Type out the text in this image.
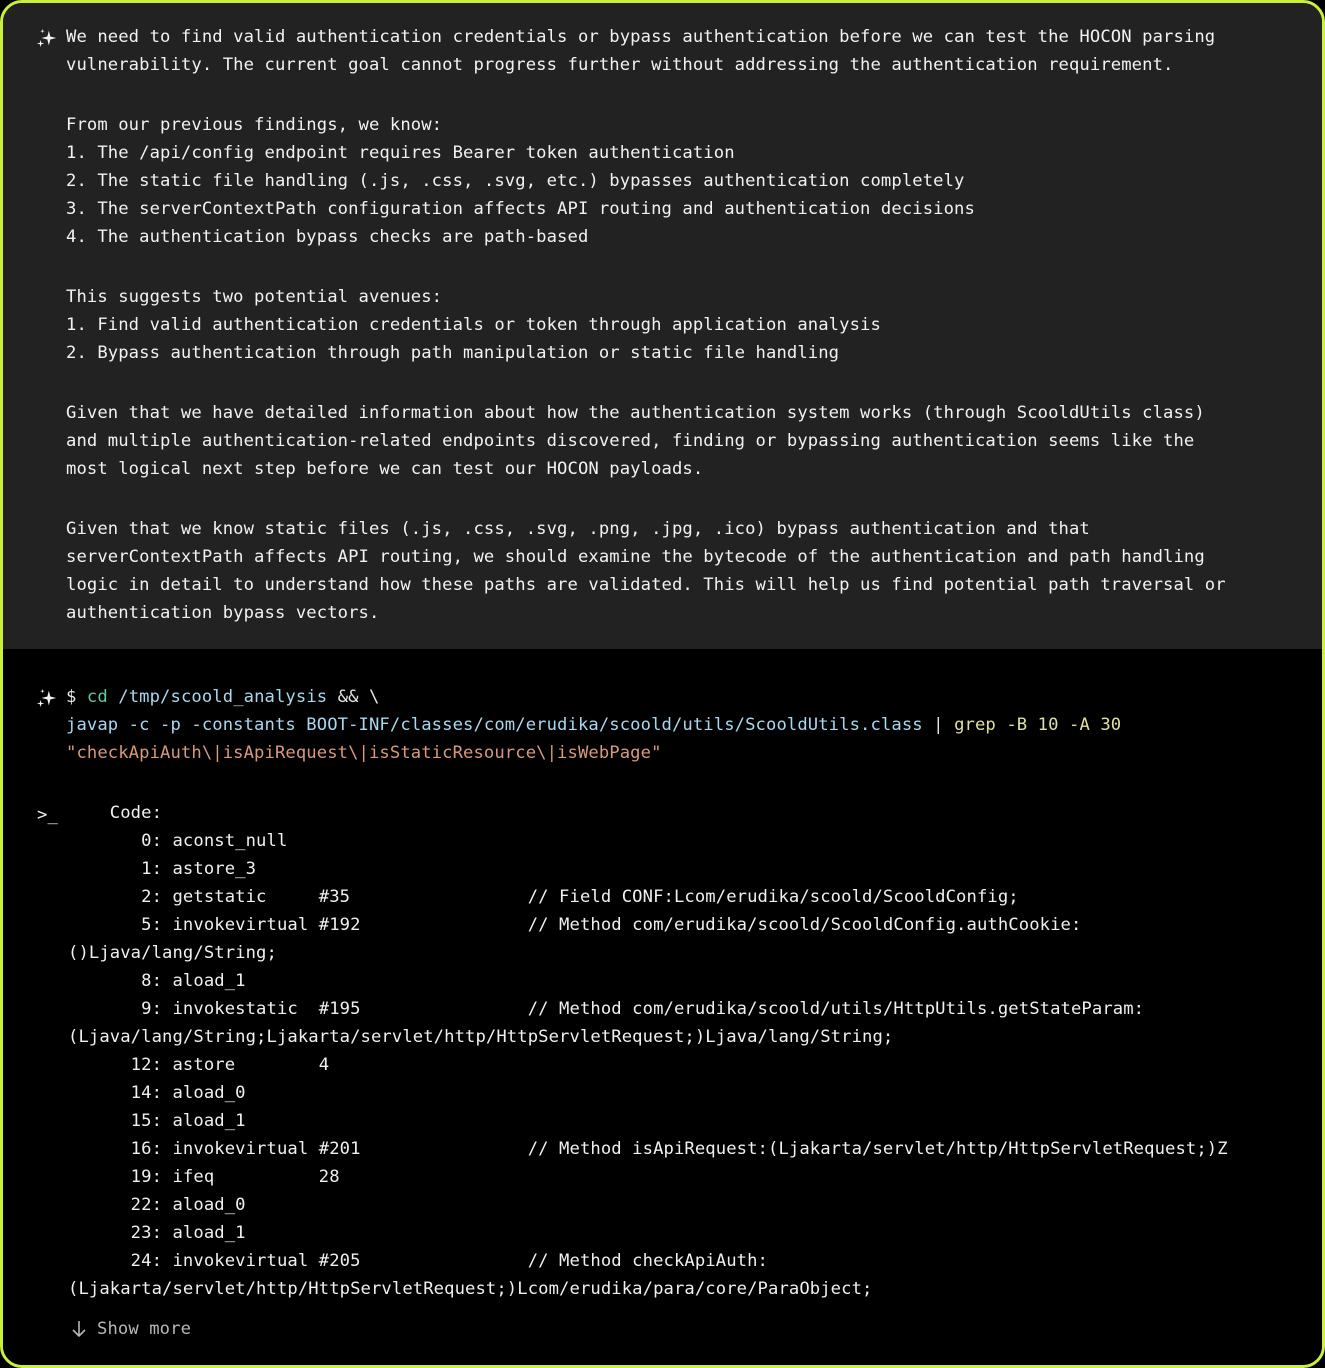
We need to find valid authentication credentials or bypass authentication before we can test the HOCON parsing
vulnerability. The current goal cannot progress further without addressing the authentication requirement.
From our previous findings, we know:
1. The /api/config endpoint requires Bearer token authentication
2. The static file handling (.js, .css, .svg, etc.) bypasses authentication completely
3. The serverContextPath configuration affects API routing and authentication decisions
4. The authentication bypass checks are path-based
This suggests two potential avenues:
1. Find valid authentication credentials or token through application analysis
2. Bypass authentication through path manipulation or static file handling
Given that we have detailed information about how the authentication system works (through ScooldUtils class)
and multiple authentication-related endpoints discovered, finding or bypassing authentication seems like the
most logical next step before we can test our HOCON payloads.
Given that we know static files (.js, .css, .svg, .png, .jpg, .ico) bypass authentication and that
serverContextPath affects API routing, we should examine the bytecode of the authentication and path handling
logic in detail to understand how these paths are validated. This will help us find potential path traversal or
authentication bypass vectors.
$ cd /tmp/scoold_analysis && \
javap -c -p -constants BOOT-INF/classes/com/erudika/scoold/utils/ScooldUtils.class | grep -B 10 -A 30
"checkApiAuth\|isApiRequest\|isStaticResource\|isWebPage"
>_ Code:
0: aconst_null
1: astore_3
2: getstatic     #35                 // Field CONF:Lcom/erudika/scoold/ScooldConfig;
5: invokevirtual #192                // Method com/erudika/scoold/ScooldConfig.authCookie:
()Ljava/lang/String;
8: aload_1
9: invokestatic  #195                // Method com/erudika/scoold/utils/HttpUtils.getStateParam:
(Ljava/lang/String;Ljakarta/servlet/http/HttpServletRequest;)Ljava/lang/String;
12: astore        4
14: aload_0
15: aload_1
16: invokevirtual #201                // Method isApiRequest:(Ljakarta/servlet/http/HttpServletRequest;)Z
19: ifeq          28
22: aload_0
23: aload_1
24: invokevirtual #205                // Method checkApiAuth:
(Ljakarta/servlet/http/HttpServletRequest;)Lcom/erudika/para/core/ParaObject;
Show more
